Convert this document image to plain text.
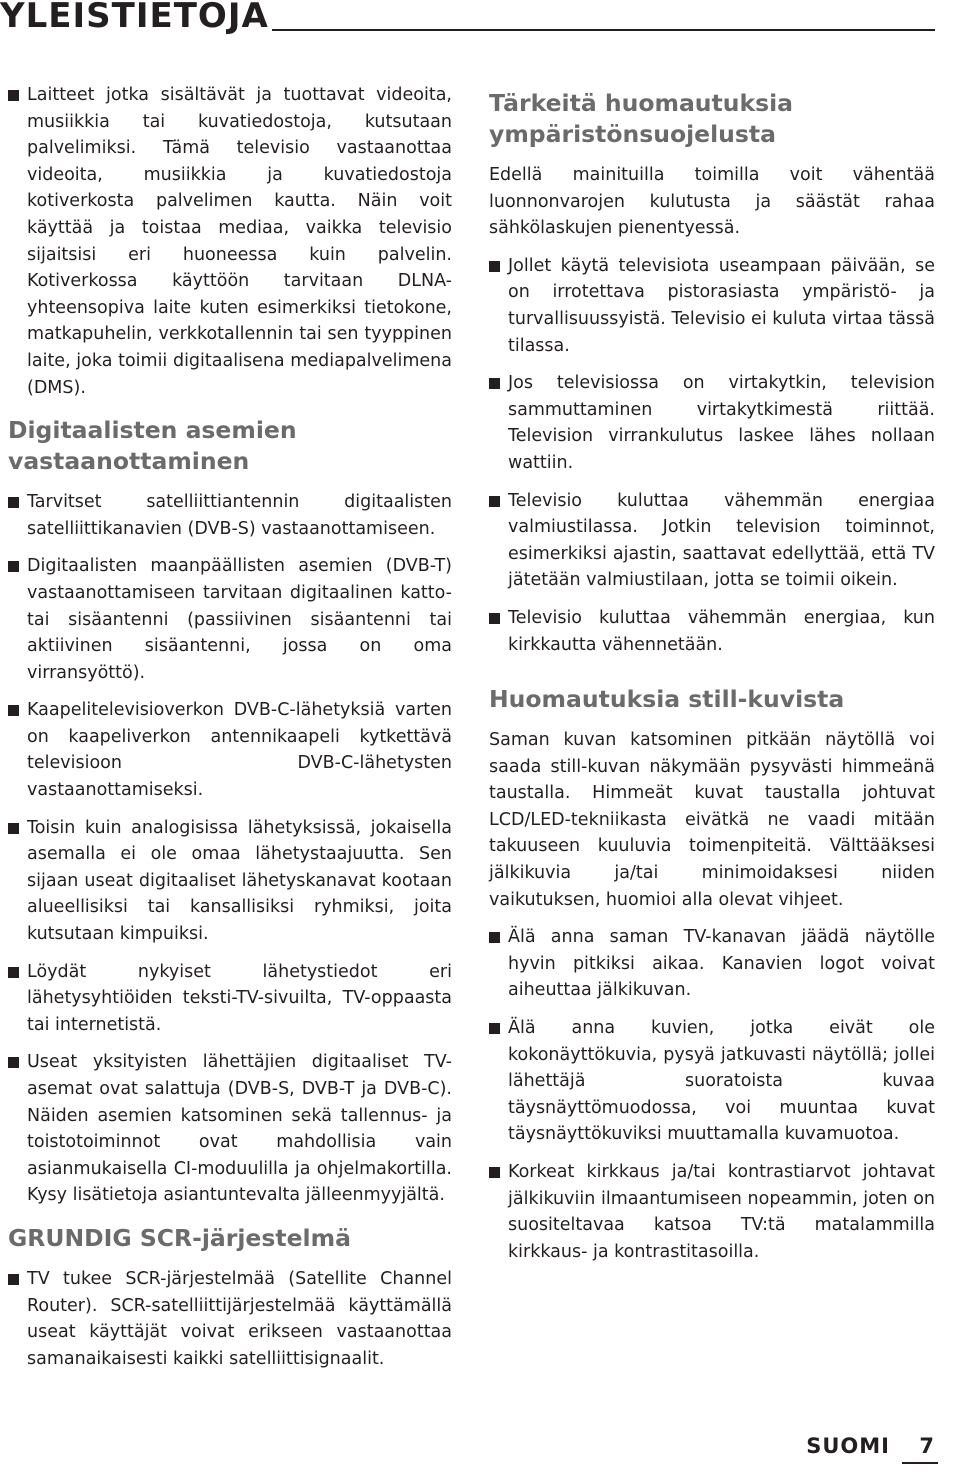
YLEISTIETOJA
Laitteet jotka sisältävät ja tuottavat videoita, musiikkia tai kuvatiedostoja, kutsutaan palvelimiksi. Tämä televisio vastaanottaa videoita, musiikkia ja kuvatiedostoja kotiverkosta palvelimen kautta. Näin voit käyttää ja toistaa mediaa, vaikka televisio sijaitsisi eri huoneessa kuin palvelin. Kotiverkossa käyttöön tarvitaan DLNA-yhteensopiva laite kuten esimerkiksi tietokone, matkapuhelin, verkkotallennin tai sen tyyppinen laite, joka toimii digitaalisena mediapalvelimena (DMS).
Digitaalisten asemien vastaanottaminen
Tarvitset satelliittiantennin digitaalisten satelliittikanavien (DVB-S) vastaanottamiseen.
Digitaalisten maanpäällisten asemien (DVB-T) vastaanottamiseen tarvitaan digitaalinen katto- tai sisäantenni (passiivinen sisäantenni tai aktiivinen sisäantenni, jossa on oma virransyöttö).
Kaapelitelevisioverkon DVB-C-lähetyksiä varten on kaapeliverkon antennikaapeli kytkettävä televisioon DVB-C-lähetysten vastaanottamiseksi.
Toisin kuin analogisissa lähetyksissä, jokaisella asemalla ei ole omaa lähetystaajuutta. Sen sijaan useat digitaaliset lähetyskanavat kootaan alueellisiksi tai kansallisiksi ryhmiksi, joita kutsutaan kimpuiksi.
Löydät nykyiset lähetystiedot eri lähetysyhtiöiden teksti-TV-sivuilta, TV-oppaasta tai internetistä.
Useat yksityisten lähettäjien digitaaliset TV-asemat ovat salattuja (DVB-S, DVB-T ja DVB-C). Näiden asemien katsominen sekä tallennus- ja toistotoiminnot ovat mahdollisia vain asianmukaisella CI-moduulilla ja ohjelmakortilla. Kysy lisätietoja asiantuntevalta jälleenmyyjältä.
GRUNDIG SCR-järjestelmä
TV tukee SCR-järjestelmää (Satellite Channel Router). SCR-satelliittijärjestelmää käyttämällä useat käyttäjät voivat erikseen vastaanottaa samanaikaisesti kaikki satelliittisignaalit.
Tärkeitä huomautuksia ympäristönsuojelusta
Edellä mainituilla toimilla voit vähentää luonnonvarojen kulutusta ja säästät rahaa sähkölaskujen pienentyessä.
Jollet käytä televisiota useampaan päivään, se on irrotettava pistorasiasta ympäristö- ja turvallisuussyistä. Televisio ei kuluta virtaa tässä tilassa.
Jos televisiossa on virtakytkin, television sammuttaminen virtakytkimestä riittää. Television virrankulutus laskee lähes nollaan wattiin.
Televisio kuluttaa vähemmän energiaa valmiustilassa. Jotkin television toiminnot, esimerkiksi ajastin, saattavat edellyttää, että TV jätetään valmiustilaan, jotta se toimii oikein.
Televisio kuluttaa vähemmän energiaa, kun kirkkautta vähennetään.
Huomautuksia still-kuvista
Saman kuvan katsominen pitkään näytöllä voi saada still-kuvan näkymään pysyvästi himmeänä taustalla. Himmeät kuvat taustalla johtuvat LCD/LED-tekniikasta eivätkä ne vaadi mitään takuuseen kuuluvia toimenpiteitä. Välttääksesi jälkikuvia ja/tai minimoidaksesi niiden vaikutuksen, huomioi alla olevat vihjeet.
Älä anna saman TV-kanavan jäädä näytölle hyvin pitkiksi aikaa. Kanavien logot voivat aiheuttaa jälkikuvan.
Älä anna kuvien, jotka eivät ole kokonäyttökuvia, pysyä jatkuvasti näytöllä; jollei lähettäjä suoratoista kuvaa täysnäyttömuodossa, voi muuntaa kuvat täysnäyttökuviksi muuttamalla kuvamuotoa.
Korkeat kirkkaus ja/tai kontrastiarvot johtavat jälkikuviin ilmaantumiseen nopeammin, joten on suositeltavaa katsoa TV:tä matalammilla kirkkaus- ja kontrastitasoilla.
SUOMI 7
